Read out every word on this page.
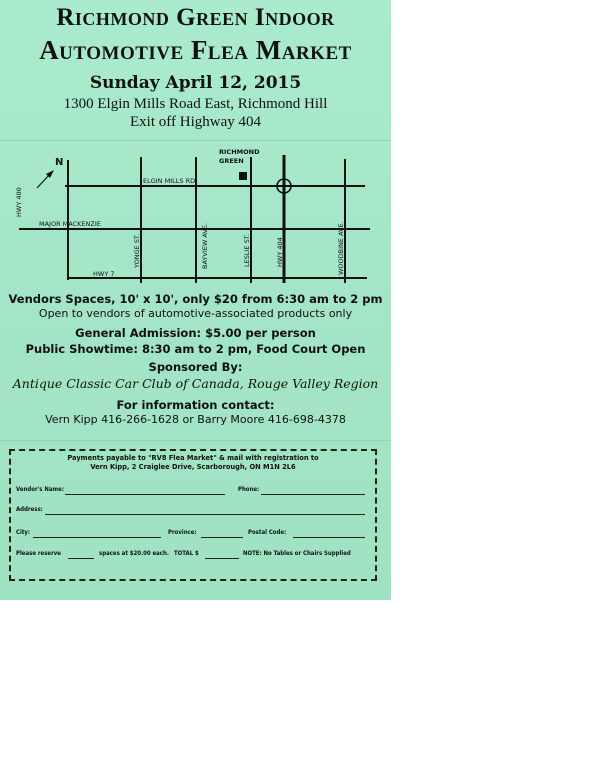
Richmond Green Indoor
Automotive Flea Market
Sunday April 12, 2015
1300 Elgin Mills Road East, Richmond Hill
Exit off Highway 404
N
RICHMOND
GREEN
ELGIN MILLS RD.
MAJOR MACKENZIE
HWY 7
HWY 400
YONGE ST.	BAYVIEW AVE.	LESLIE ST.	HWY 404	WOODBINE AVE.
Vendors Spaces, 10' x 10', only $20 from 6:30 am to 2 pm
Open to vendors of automotive-associated products only
General Admission: $5.00 per person
Public Showtime: 8:30 am to 2 pm, Food Court Open
Sponsored By:
Antique Classic Car Club of Canada, Rouge Valley Region
For information contact:
Vern Kipp 416-266-1628 or Barry Moore 416-698-4378
Payments payable to "RV8 Flea Market" & mail with registration to
Vern Kipp, 2 Craiglee Drive, Scarborough, ON M1N 2L6
Vendor's Name:	Phone:
Address:
City:	Province:	Postal Code:
Please reserve	spaces at $20.00 each. TOTAL $	NOTE: No Tables or Chairs Supplied
